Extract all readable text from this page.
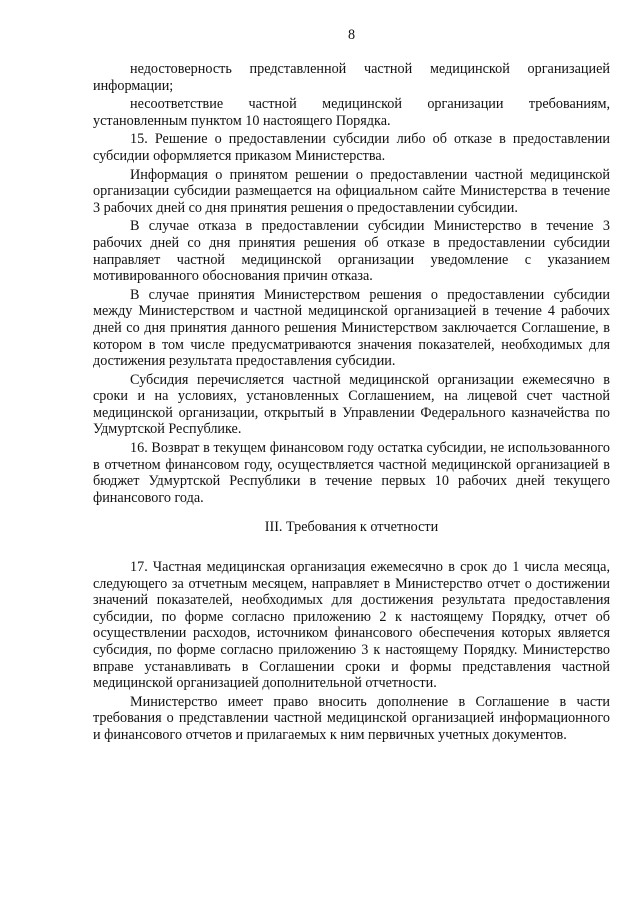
8

недостоверность представленной частной медицинской организацией информации;

несоответствие частной медицинской организации требованиям, установленным пунктом 10 настоящего Порядка.

15. Решение о предоставлении субсидии либо об отказе в предоставлении субсидии оформляется приказом Министерства.

Информация о принятом решении о предоставлении частной медицинской организации субсидии размещается на официальном сайте Министерства в течение 3 рабочих дней со дня принятия решения о предоставлении субсидии.

В случае отказа в предоставлении субсидии Министерство в течение 3 рабочих дней со дня принятия решения об отказе в предоставлении субсидии направляет частной медицинской организации уведомление с указанием мотивированного обоснования причин отказа.

В случае принятия Министерством решения о предоставлении субсидии между Министерством и частной медицинской организацией в течение 4 рабочих дней со дня принятия данного решения Министерством заключается Соглашение, в котором в том числе предусматриваются значения показателей, необходимых для достижения результата предоставления субсидии.

Субсидия перечисляется частной медицинской организации ежемесячно в сроки и на условиях, установленных Соглашением, на лицевой счет частной медицинской организации, открытый в Управлении Федерального казначейства по Удмуртской Республике.

16. Возврат в текущем финансовом году остатка субсидии, не использованного в отчетном финансовом году, осуществляется частной медицинской организацией в бюджет Удмуртской Республики в течение первых 10 рабочих дней текущего финансового года.

III. Требования к отчетности

17. Частная медицинская организация ежемесячно в срок до 1 числа месяца, следующего за отчетным месяцем, направляет в Министерство отчет о достижении значений показателей, необходимых для достижения результата предоставления субсидии, по форме согласно приложению 2 к настоящему Порядку, отчет об осуществлении расходов, источником финансового обеспечения которых является субсидия, по форме согласно приложению 3 к настоящему Порядку. Министерство вправе устанавливать в Соглашении сроки и формы представления частной медицинской организацией дополнительной отчетности.

Министерство имеет право вносить дополнение в Соглашение в части требования о представлении частной медицинской организацией информационного и финансового отчетов и прилагаемых к ним первичных учетных документов.
